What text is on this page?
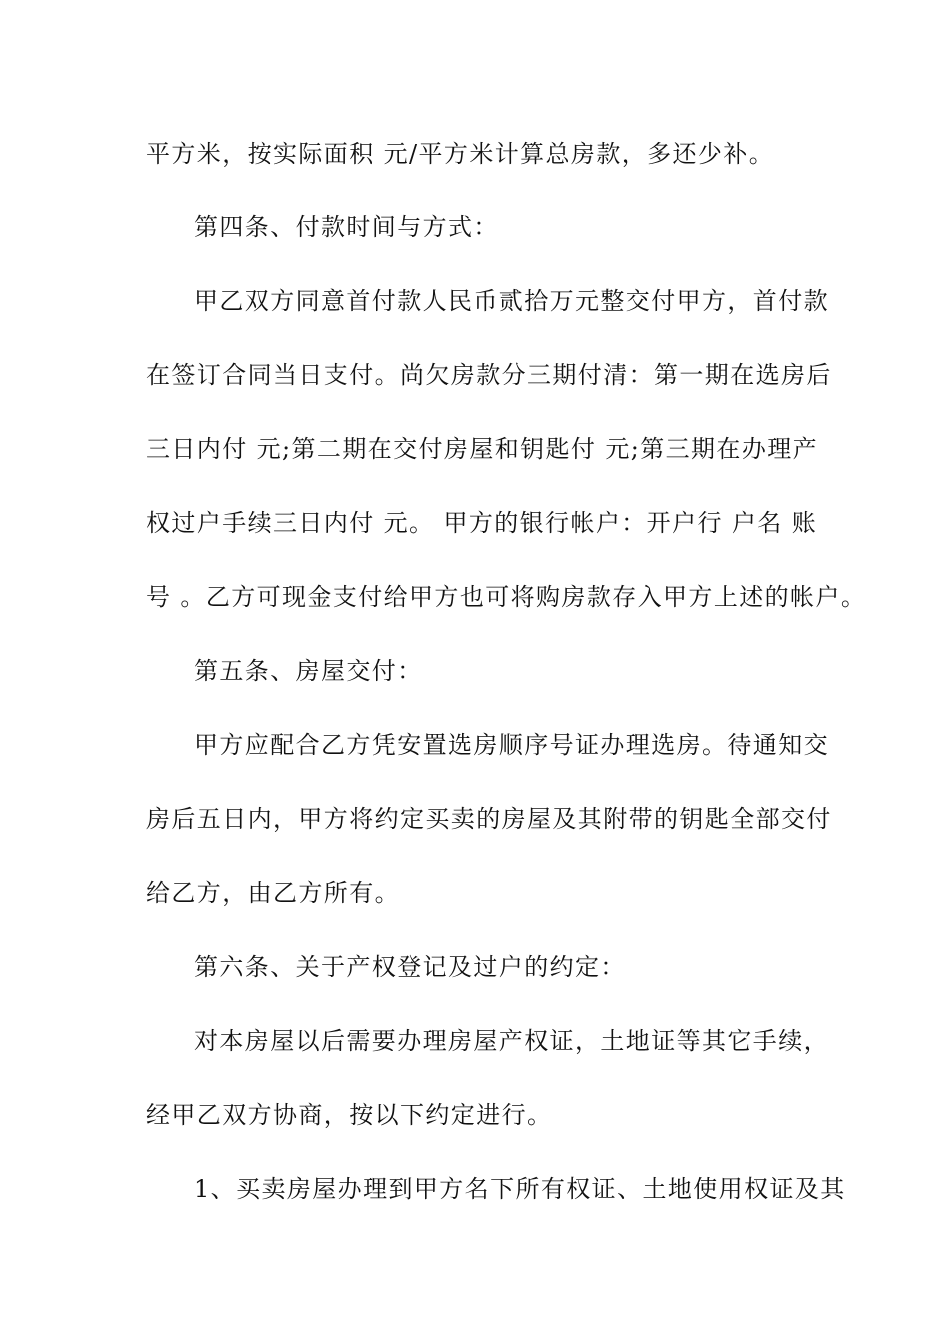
平方米，按实际面积 元/平方米计算总房款，多还少补。
第四条、付款时间与方式：
甲乙双方同意首付款人民币贰拾万元整交付甲方，首付款
在签订合同当日支付。尚欠房款分三期付清：第一期在选房后
三日内付 元;第二期在交付房屋和钥匙付 元;第三期在办理产
权过户手续三日内付 元。 甲方的银行帐户：开户行 户名 账
号 。乙方可现金支付给甲方也可将购房款存入甲方上述的帐户。
第五条、房屋交付：
甲方应配合乙方凭安置选房顺序号证办理选房。待通知交
房后五日内，甲方将约定买卖的房屋及其附带的钥匙全部交付
给乙方，由乙方所有。
第六条、关于产权登记及过户的约定：
对本房屋以后需要办理房屋产权证，土地证等其它手续，
经甲乙双方协商，按以下约定进行。
1、买卖房屋办理到甲方名下所有权证、土地使用权证及其
